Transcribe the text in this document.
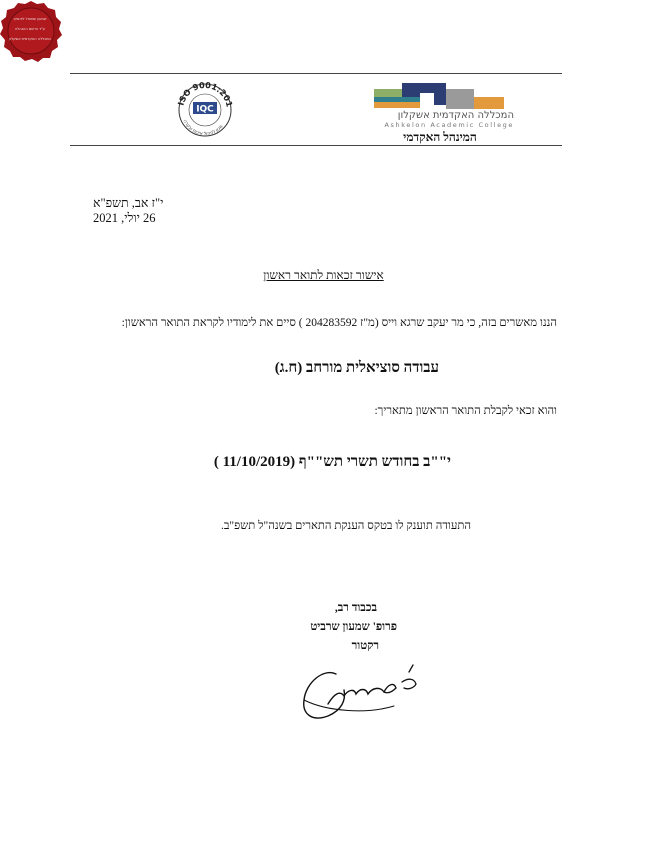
שמעון שמואל לוינסקי
ע"ד הרשם ההנהלה
המכללה האקדמית אשקלון
ISO 9001:201
IQC
מכון לניהול איכות ובקרה
המכללה האקדמית אשקלון
Ashkelon Academic College
המינהל האקדמי
י"ז אב, תשפ"א
26 יולי, 2021
אישור זכאות לתואר ראשון
הננו מאשרים בזה, כי מר יעקב שרגא וייס (מ"ז 204283592 ) סיים את לימודיו לקראת התואר הראשון:
עבודה סוציאלית מורחב (ח.ג)
והוא זכאי לקבלת התואר הראשון מתאריך:
י""ב בחודש תשרי תש""ף (11/10/2019 )
התעודה תוענק לו בטקס הענקת התארים בשנה"ל תשפ"ב.
בכבוד רב,
פרופ' שמעון שרביט
רקטור
